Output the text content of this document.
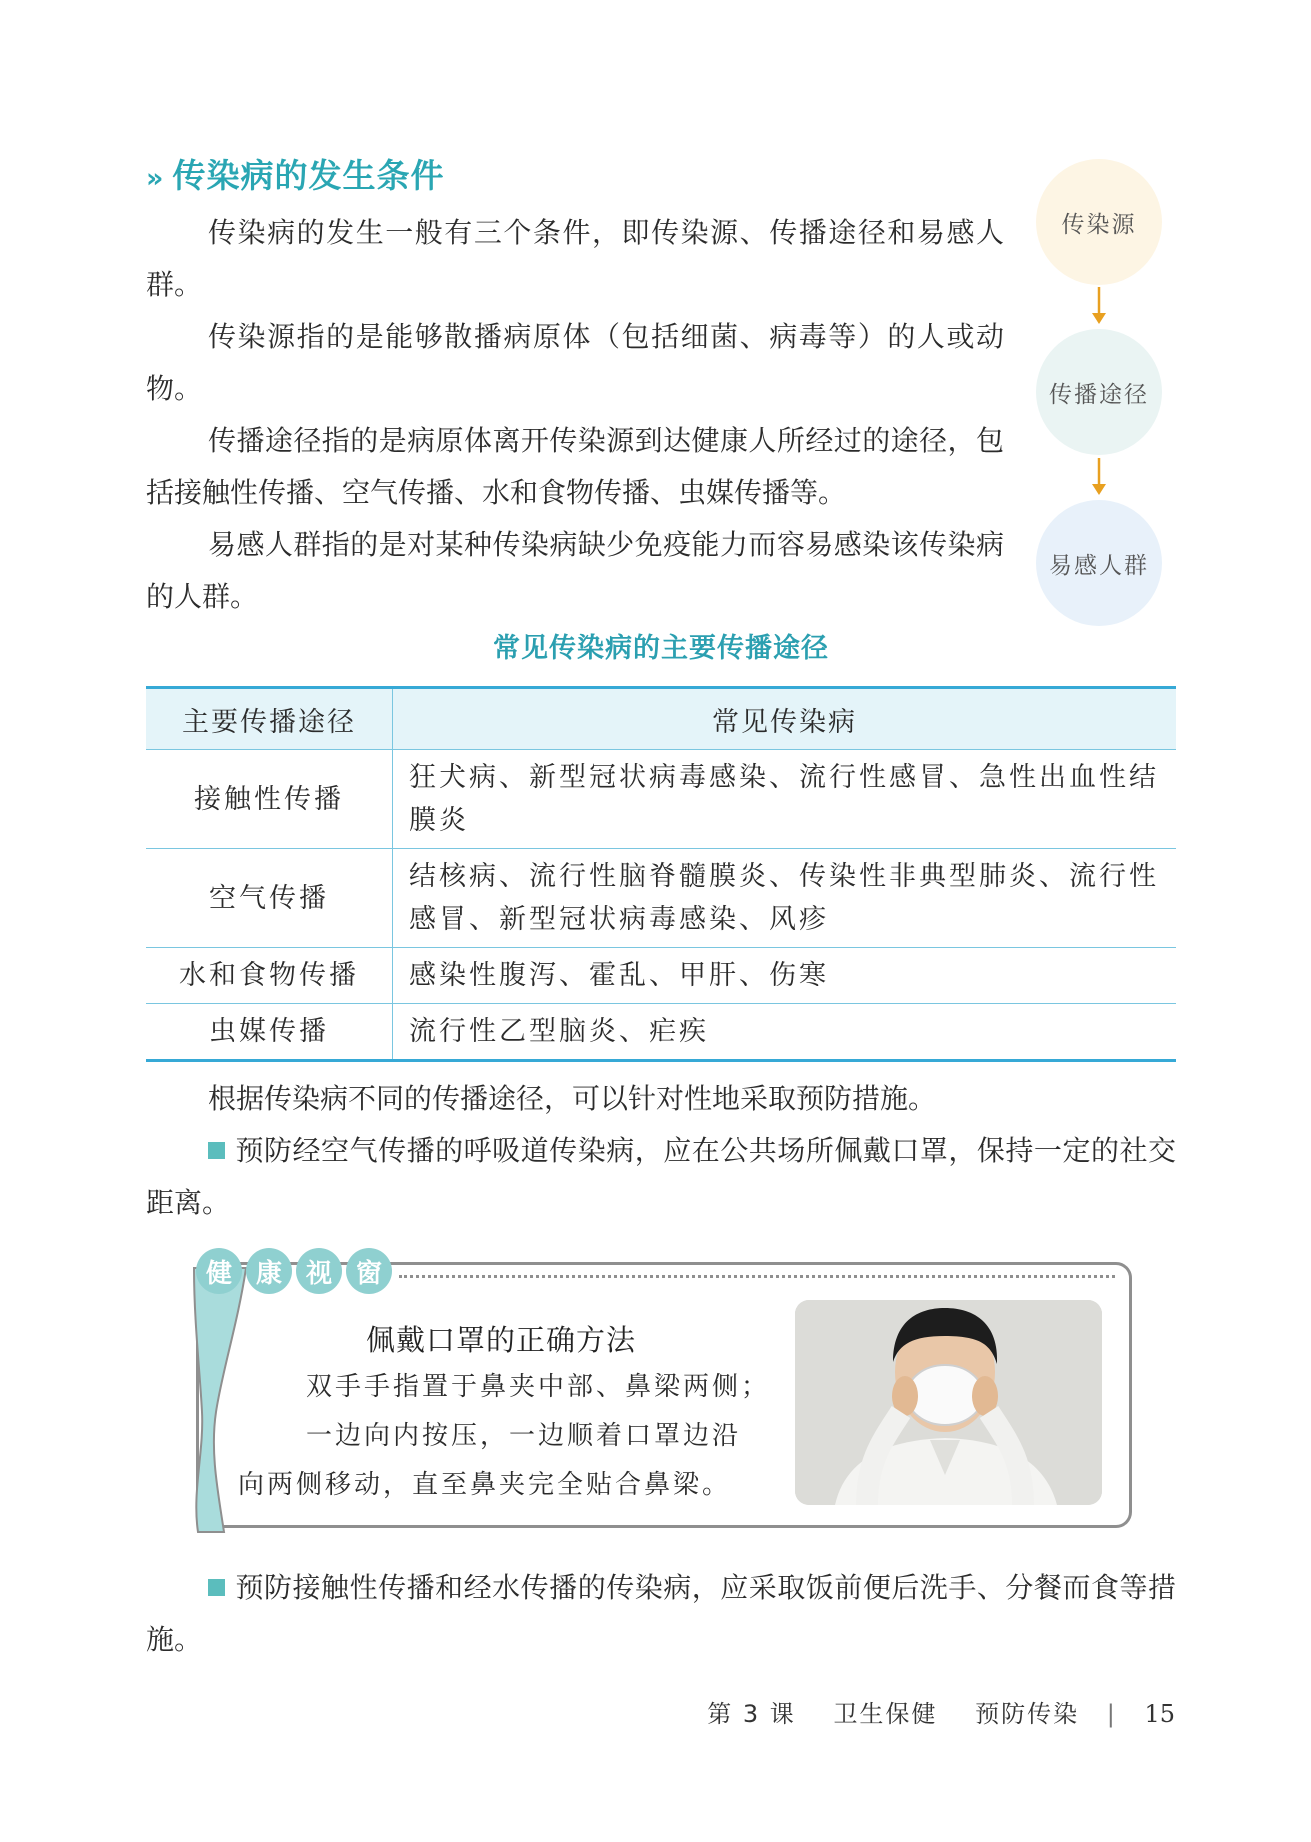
» 传染病的发生条件
传染病的发生一般有三个条件，即传染源、传播途径和易感人群。
传染源指的是能够散播病原体（包括细菌、病毒等）的人或动物。
传播途径指的是病原体离开传染源到达健康人所经过的途径，包括接触性传播、空气传播、水和食物传播、虫媒传播等。
易感人群指的是对某种传染病缺少免疫能力而容易感染该传染病的人群。
传染源
传播途径
易感人群
常见传染病的主要传播途径
主要传播途径	常见传染病
接触性传播	狂犬病、新型冠状病毒感染、流行性感冒、急性出血性结膜炎
空气传播	结核病、流行性脑脊髓膜炎、传染性非典型肺炎、流行性感冒、新型冠状病毒感染、风疹
水和食物传播	感染性腹泻、霍乱、甲肝、伤寒
虫媒传播	流行性乙型脑炎、疟疾
根据传染病不同的传播途径，可以针对性地采取预防措施。
预防经空气传播的呼吸道传染病，应在公共场所佩戴口罩，保持一定的社交距离。
健 康 视 窗
佩戴口罩的正确方法
双手手指置于鼻夹中部、鼻梁两侧；
一边向内按压，一边顺着口罩边沿
向两侧移动，直至鼻夹完全贴合鼻梁。
预防接触性传播和经水传播的传染病，应采取饭前便后洗手、分餐而食等措施。
第 3 课 卫生保健 预防传染 | 15
